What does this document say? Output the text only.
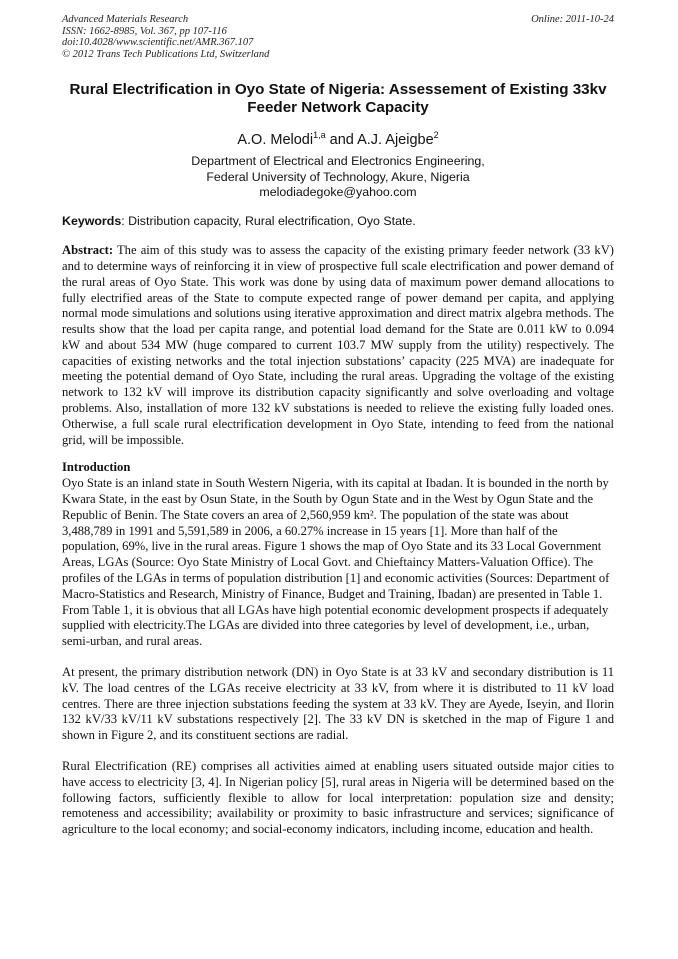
Advanced Materials Research
ISSN: 1662-8985, Vol. 367, pp 107-116
doi:10.4028/www.scientific.net/AMR.367.107
© 2012 Trans Tech Publications Ltd, Switzerland
Online: 2011-10-24
Rural Electrification in Oyo State of Nigeria: Assessement of Existing 33kv Feeder Network Capacity
A.O. Melodi$^{1,a}$ and A.J. Ajeigbe$^2$
Department of Electrical and Electronics Engineering,
Federal University of Technology, Akure, Nigeria
melodiadegoke@yahoo.com
Keywords: Distribution capacity, Rural electrification, Oyo State.
Abstract: The aim of this study was to assess the capacity of the existing primary feeder network (33 kV) and to determine ways of reinforcing it in view of prospective full scale electrification and power demand of the rural areas of Oyo State. This work was done by using data of maximum power demand allocations to fully electrified areas of the State to compute expected range of power demand per capita, and applying normal mode simulations and solutions using iterative approximation and direct matrix algebra methods. The results show that the load per capita range, and potential load demand for the State are 0.011 kW to 0.094 kW and about 534 MW (huge compared to current 103.7 MW supply from the utility) respectively. The capacities of existing networks and the total injection substations’ capacity (225 MVA) are inadequate for meeting the potential demand of Oyo State, including the rural areas. Upgrading the voltage of the existing network to 132 kV will improve its distribution capacity significantly and solve overloading and voltage problems. Also, installation of more 132 kV substations is needed to relieve the existing fully loaded ones. Otherwise, a full scale rural electrification development in Oyo State, intending to feed from the national grid, will be impossible.
Introduction

Oyo State is an inland state in South Western Nigeria, with its capital at Ibadan. It is bounded in the north by Kwara State, in the east by Osun State, in the South by Ogun State and in the West by Ogun State and the Republic of Benin. The State covers an area of 2,560,959 km². The population of the state was about 3,488,789 in 1991 and 5,591,589 in 2006, a 60.27% increase in 15 years [1]. More than half of the population, 69%, live in the rural areas. Figure 1 shows the map of Oyo State and its 33 Local Government Areas, LGAs (Source: Oyo State Ministry of Local Govt. and Chieftaincy Matters-Valuation Office). The profiles of the LGAs in terms of population distribution [1] and economic activities (Sources: Department of Macro-Statistics and Research, Ministry of Finance, Budget and Training, Ibadan) are presented in Table 1. From Table 1, it is obvious that all LGAs have high potential economic development prospects if adequately supplied with electricity.The LGAs are divided into three categories by level of development, i.e., urban, semi-urban, and rural areas.

At present, the primary distribution network (DN) in Oyo State is at 33 kV and secondary distribution is 11 kV. The load centres of the LGAs receive electricity at 33 kV, from where it is distributed to 11 kV load centres. There are three injection substations feeding the system at 33 kV. They are Ayede, Iseyin, and Ilorin 132 kV/33 kV/11 kV substations respectively [2]. The 33 kV DN is sketched in the map of Figure 1 and shown in Figure 2, and its constituent sections are radial.

Rural Electrification (RE) comprises all activities aimed at enabling users situated outside major cities to have access to electricity [3, 4]. In Nigerian policy [5], rural areas in Nigeria will be determined based on the following factors, sufficiently flexible to allow for local interpretation: population size and density; remoteness and accessibility; availability or proximity to basic infrastructure and services; significance of agriculture to the local economy; and social-economy indicators, including income, education and health.
